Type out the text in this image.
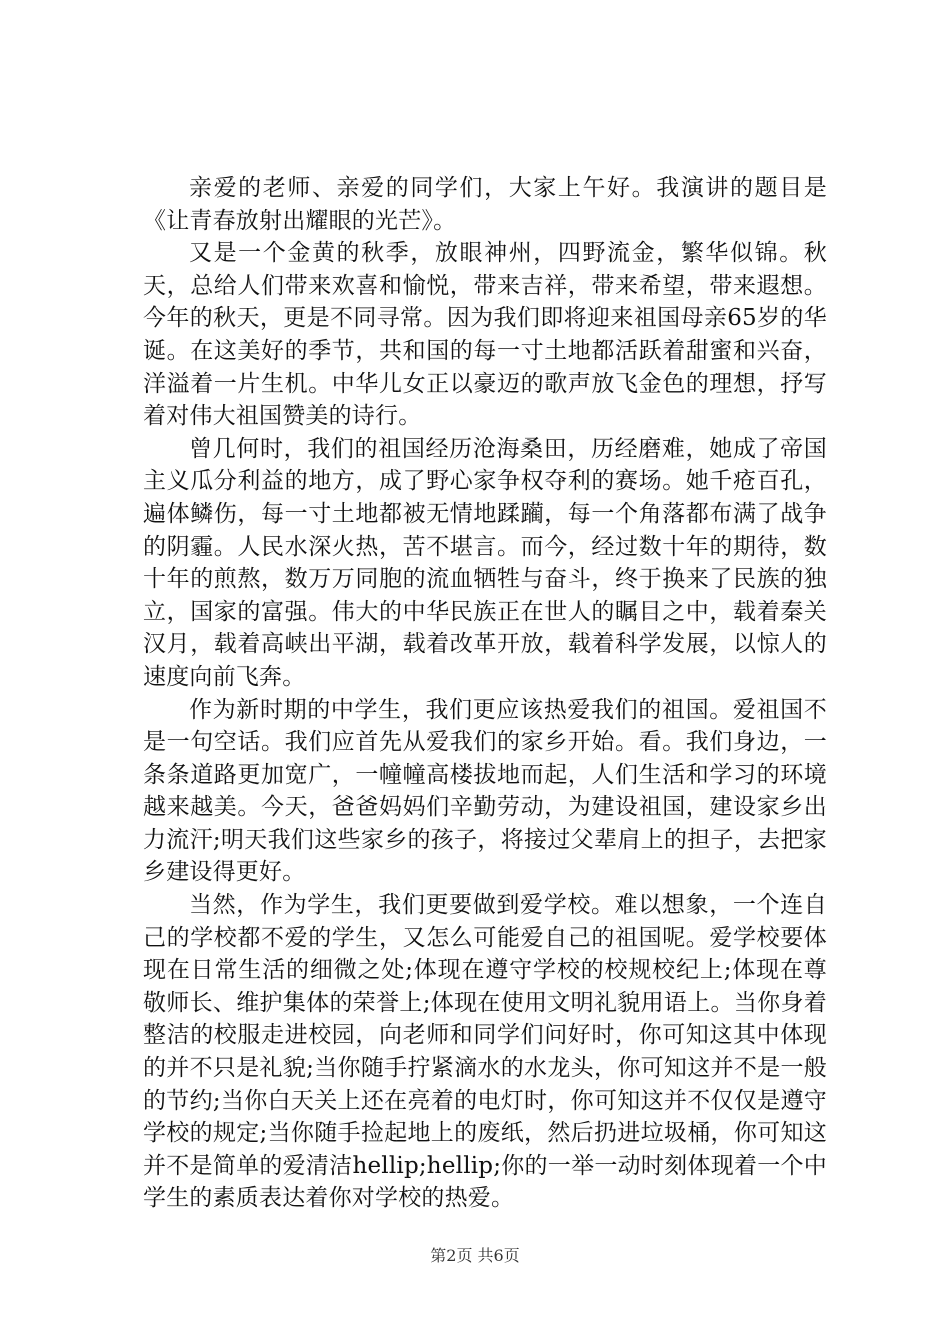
亲爱的老师、亲爱的同学们，大家上午好。我演讲的题目是《让青春放射出耀眼的光芒》。

又是一个金黄的秋季，放眼神州，四野流金，繁华似锦。秋天，总给人们带来欢喜和愉悦，带来吉祥，带来希望，带来遐想。今年的秋天，更是不同寻常。因为我们即将迎来祖国母亲65岁的华诞。在这美好的季节，共和国的每一寸土地都活跃着甜蜜和兴奋，洋溢着一片生机。中华儿女正以豪迈的歌声放飞金色的理想，抒写着对伟大祖国赞美的诗行。

曾几何时，我们的祖国经历沧海桑田，历经磨难，她成了帝国主义瓜分利益的地方，成了野心家争权夺利的赛场。她千疮百孔，遍体鳞伤，每一寸土地都被无情地蹂躏，每一个角落都布满了战争的阴霾。人民水深火热，苦不堪言。而今，经过数十年的期待，数十年的煎熬，数万万同胞的流血牺牲与奋斗，终于换来了民族的独立，国家的富强。伟大的中华民族正在世人的瞩目之中，载着秦关汉月，载着高峡出平湖，载着改革开放，载着科学发展，以惊人的速度向前飞奔。

作为新时期的中学生，我们更应该热爱我们的祖国。爱祖国不是一句空话。我们应首先从爱我们的家乡开始。看。我们身边，一条条道路更加宽广，一幢幢高楼拔地而起，人们生活和学习的环境越来越美。今天，爸爸妈妈们辛勤劳动，为建设祖国，建设家乡出力流汗;明天我们这些家乡的孩子，将接过父辈肩上的担子，去把家乡建设得更好。

当然，作为学生，我们更要做到爱学校。难以想象，一个连自己的学校都不爱的学生，又怎么可能爱自己的祖国呢。爱学校要体现在日常生活的细微之处;体现在遵守学校的校规校纪上;体现在尊敬师长、维护集体的荣誉上;体现在使用文明礼貌用语上。当你身着整洁的校服走进校园，向老师和同学们问好时，你可知这其中体现的并不只是礼貌;当你随手拧紧滴水的水龙头，你可知这并不是一般的节约;当你白天关上还在亮着的电灯时，你可知这并不仅仅是遵守学校的规定;当你随手捡起地上的废纸，然后扔进垃圾桶，你可知这并不是简单的爱清洁hellip;hellip;你的一举一动时刻体现着一个中学生的素质表达着你对学校的热爱。

第2页 共6页
